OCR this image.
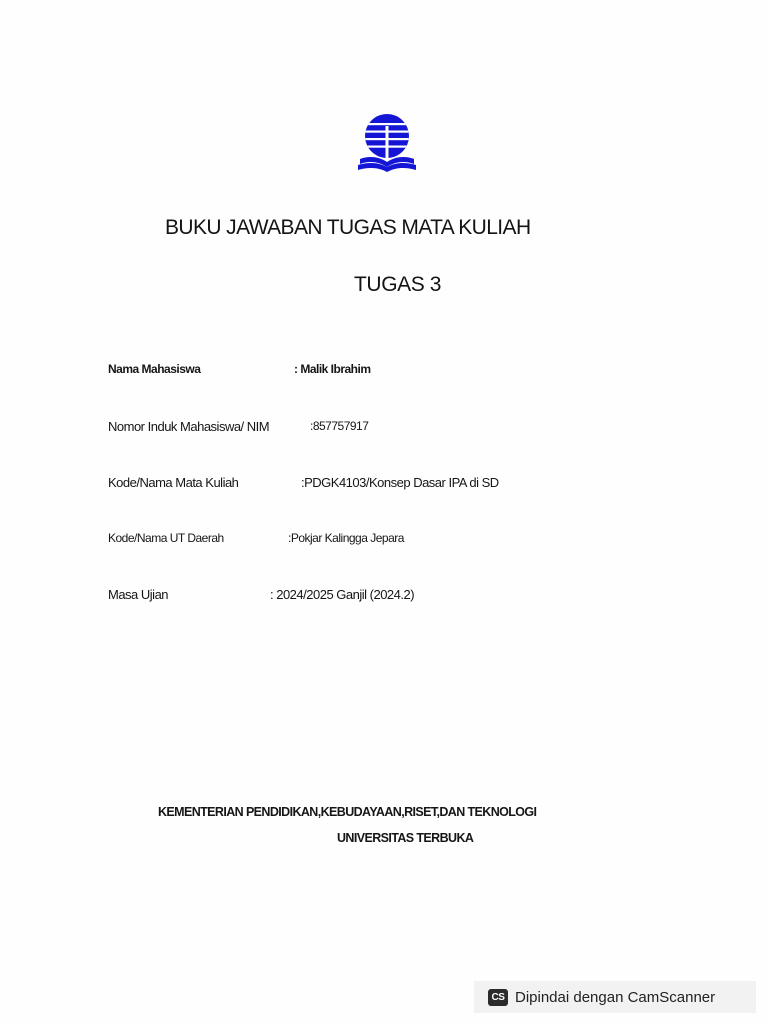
BUKU JAWABAN TUGAS MATA KULIAH
TUGAS 3
Nama Mahasiswa	: Malik Ibrahim
Nomor Induk Mahasiswa/ NIM	:857757917
Kode/Nama Mata Kuliah	:PDGK4103/Konsep Dasar IPA di SD
Kode/Nama UT Daerah	:Pokjar Kalingga Jepara
Masa Ujian	: 2024/2025 Ganjil (2024.2)
KEMENTERIAN PENDIDIKAN,KEBUDAYAAN,RISET,DAN TEKNOLOGI
UNIVERSITAS TERBUKA
CS Dipindai dengan CamScanner
